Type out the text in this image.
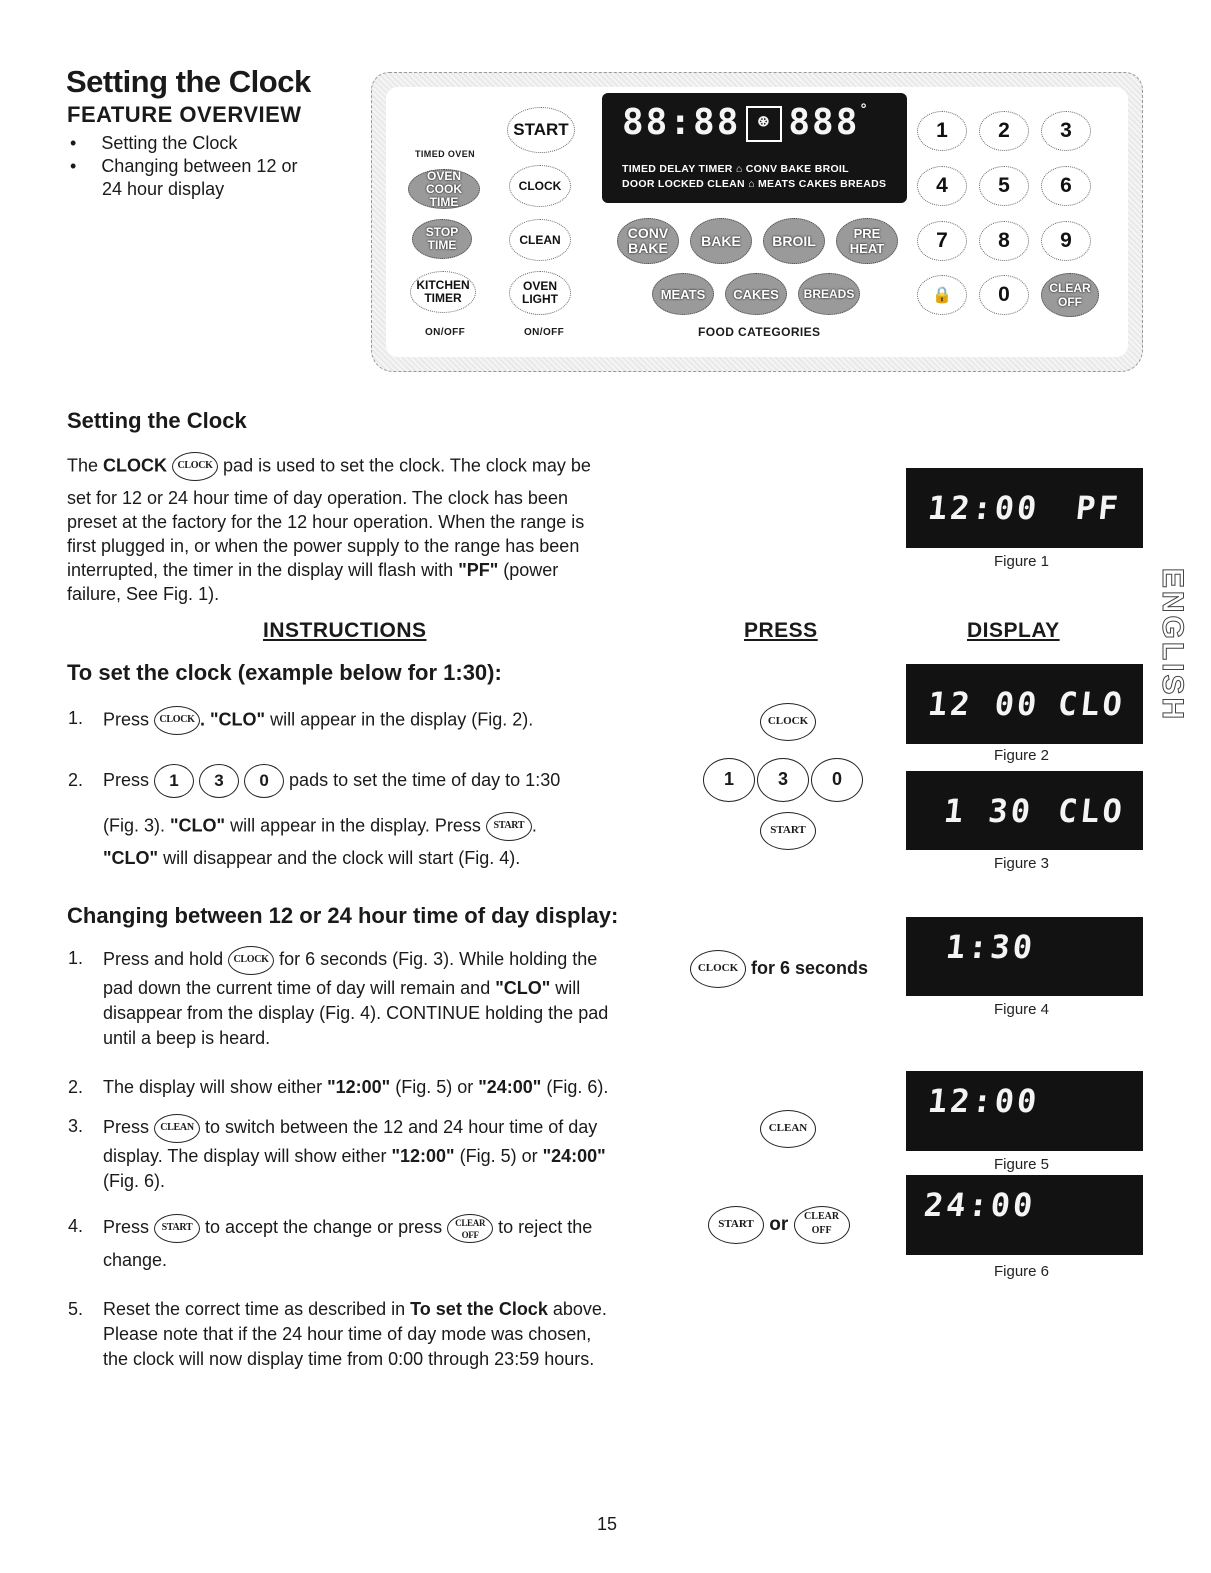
Setting the Clock
FEATURE OVERVIEW
•     Setting the Clock
•     Changing between 12 or
24 hour display
TIMED OVEN
OVEN COOK
TIME
STOP
TIME
KITCHEN
TIMER
ON/OFF
START
CLOCK
CLEAN
OVEN
LIGHT
ON/OFF
88:88 ⊛ 888°
TIMED DELAY TIMER ⌂ CONV BAKE BROIL
DOOR LOCKED CLEAN ⌂ MEATS CAKES BREADS
CONV BAKE	BAKE	BROIL	PRE HEAT
MEATS	CAKES	BREADS
FOOD CATEGORIES
1	2	3
4	5	6
7	8	9
🔒	0	CLEAR
OFF
Setting the Clock
The CLOCK CLOCK pad is used to set the clock. The clock may be
set for 12 or 24 hour time of day operation. The clock has been
preset at the factory for the 12 hour operation. When the range is
first plugged in, or when the power supply to the range has been
interrupted, the timer in the display will flash with "PF" (power
failure, See Fig. 1).
INSTRUCTIONS	PRESS	DISPLAY
To set the clock (example below for 1:30):
1. Press CLOCK . "CLO" will appear in the display (Fig. 2).
2. Press 1 3 0 pads to set the time of day to 1:30
(Fig. 3). "CLO" will appear in the display. Press START .
"CLO" will disappear and the clock will start (Fig. 4).
Changing between 12 or 24 hour time of day display:
1. Press and hold CLOCK for 6 seconds (Fig. 3). While holding the
pad down the current time of day will remain and "CLO" will
disappear from the display (Fig. 4). CONTINUE holding the pad
until a beep is heard.
2. The display will show either "12:00" (Fig. 5) or "24:00" (Fig. 6).
3. Press CLEAN to switch between the 12 and 24 hour time of day
display. The display will show either "12:00" (Fig. 5) or "24:00"
(Fig. 6).
4. Press START to accept the change or press CLEAR
OFF to reject the
change.
5. Reset the correct time as described in To set the Clock above.
Please note that if the 24 hour time of day mode was chosen,
the clock will now display time from 0:00 through 23:59 hours.
CLOCK
1 3 0
START
CLOCK for 6 seconds
CLEAN
START or CLEAR
OFF
12:00 PF
Figure 1
12 00 CLO
Figure 2
1 30 CLO
Figure 3
1:30
Figure 4
12:00
Figure 5
24:00
Figure 6
ENGLISH
15
